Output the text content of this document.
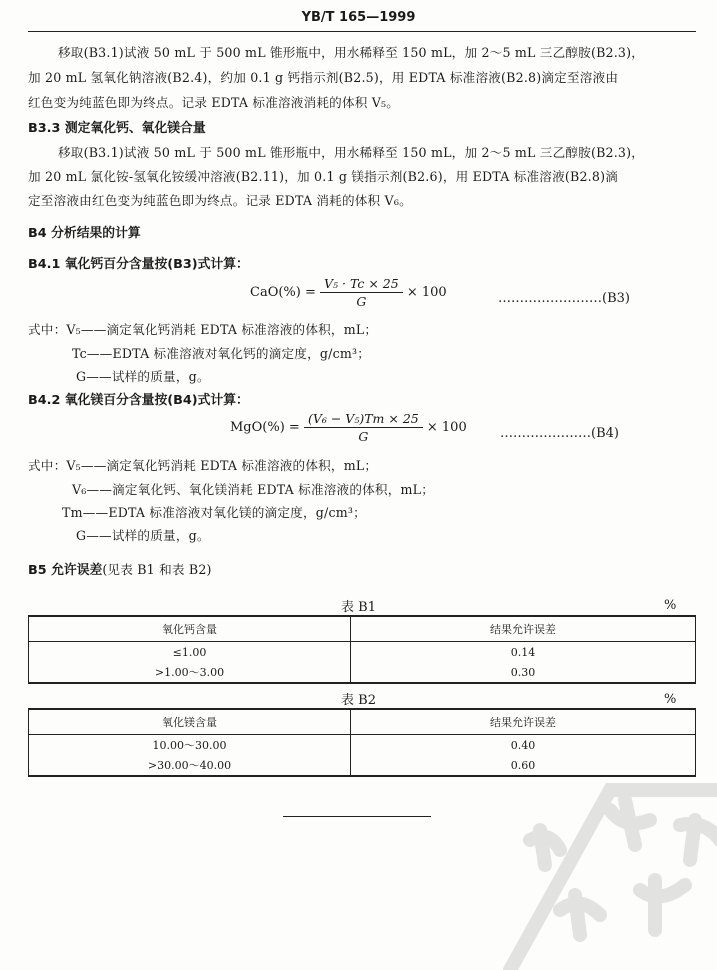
YB/T 165—1999
移取(B3.1)试液 50 mL 于 500 mL 锥形瓶中，用水稀释至 150 mL，加 2～5 mL 三乙醇胺(B2.3)，
加 20 mL 氢氧化钠溶液(B2.4)，约加 0.1 g 钙指示剂(B2.5)，用 EDTA 标准溶液(B2.8)滴定至溶液由
红色变为纯蓝色即为终点。记录 EDTA 标准溶液消耗的体积 V₅。
B3.3 测定氧化钙、氧化镁合量
移取(B3.1)试液 50 mL 于 500 mL 锥形瓶中，用水稀释至 150 mL，加 2～5 mL 三乙醇胺(B2.3)，
加 20 mL 氯化铵-氢氧化铵缓冲溶液(B2.11)，加 0.1 g 镁指示剂(B2.6)，用 EDTA 标准溶液(B2.8)滴
定至溶液由红色变为纯蓝色即为终点。记录 EDTA 消耗的体积 V₆。
B4 分析结果的计算
B4.1 氧化钙百分含量按(B3)式计算：
$CaO(\%) = \frac{\text{V₅ · Tc × 25}}{G} \times 100$	……………………(B3)
式中：V₅——滴定氧化钙消耗 EDTA 标准溶液的体积，mL；
Tc——EDTA 标准溶液对氧化钙的滴定度，g/cm³；
G——试样的质量，g。
B4.2 氧化镁百分含量按(B4)式计算：
$MgO(\%) = \frac{\text{(V₆ − V₅)Tm × 25}}{G} \times 100$	…………………(B4)
式中：V₅——滴定氧化钙消耗 EDTA 标准溶液的体积，mL；
V₆——滴定氧化钙、氧化镁消耗 EDTA 标准溶液的体积，mL；
Tm——EDTA 标准溶液对氧化镁的滴定度，g/cm³；
G——试样的质量，g。
B5 允许误差(见表 B1 和表 B2)
表 B1	%
氧化钙含量	结果允许误差
≤1.00	0.14
>1.00～3.00	0.30
表 B2	%
氧化镁含量	结果允许误差
10.00～30.00	0.40
>30.00～40.00	0.60
